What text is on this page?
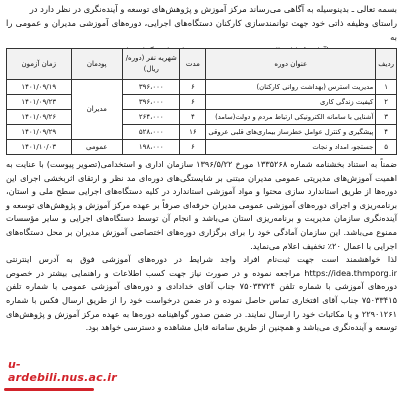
بسمه تعالی ـ بدینوسیله به آگاهی می‌رساند مرکز آموزش و پژوهش‌های توسعه و آینده‌نگری در نظر دارد در
راستای وظیفه ذاتی خود جهت توانمندسازی کارکنان دستگاه‌های اجرایی، دوره‌های آموزشی مدیران و عمومی را به
ردیف	عنوان دوره	مدت	شهریه نفر (دوره/ریال)	پودمان	زمان آزمون
۱	مدیریت استرس (بهداشت روانی کارکنان)	۶	۳۹۶،۰۰۰	مدیران	۱۴۰۱/۰۹/۱۹
۲	کیفیت زندگی کاری	۶	۳۹۶،۰۰۰		۱۴۰۱/۰۹/۲۳
۳	آشنایی با سامانه الکترونیکی ارتباط مردم و دولت(سامد)	۴	۲۶۴،۰۰۰		۱۴۰۱/۰۹/۲۶
۴	پیشگیری و کنترل عوامل خطرساز بیماری‌های قلبی عروقی	۱۶	۵۲۸،۰۰۰		۱۴۰۱/۰۹/۲۹
۵	جستجو، امداد و نجات	۶	۱۹۸،۰۰۰	عمومی	۱۴۰۱/۱۰/۰۳

ضمناً به استناد بخشنامه شماره ۱۳۳۵۲۶۸ مورخ ۱۳۹۶/۵/۲۲ سازمان اداری و استخدامی(تصویر پیوست) با عنایت به اهمیت آموزش‌های مدیریتی عمومی مدیران مبتنی بر شایستگی‌های دوره‌ای مد نظر و ارتقای اثربخشی اجرای این دوره‌ها از طریق استاندارد سازی محتوا و مواد آموزشی استاندارد در کلیه دستگاه‌های اجرایی سطح ملی و استان، برنامه‌ریزی و اجرای دوره‌های آموزشی عمومی مدیران حرفه‌ای صرفاً بر عهده مرکز آموزش و پژوهش‌های توسعه و آینده‌نگری سازمان مدیریت و برنامه‌ریزی استان می‌باشد و انجام آن توسط دستگاه‌های اجرایی و سایر مؤسسات ممنوع می‌باشد. این سازمان آمادگی خود را برای برگزاری دوره‌های اختصاصی آموزش مدیران بر محل دستگاه‌های اجرایی با اعمال ۲۰٪ تخفیف اعلام می‌نماید.

لذا خواهشمند است جهت ثبت‌نام افراد واجد شرایط در دوره‌های آموزشی فوق به آدرس اینترنتی https://idea.thmporg.ir مراجعه نموده و در صورت نیاز جهت کسب اطلاعات و راهنمایی بیشتر در خصوص دوره‌های آموزشی با شماره تلفن ۷۵۰۳۳۷۲۴ جناب آقای خدادادی و دوره‌های آموزشی عمومی با شماره تلفن ۷۵۰۳۳۴۱۵ جناب آقای افتخاری تماس حاصل نموده و در ضمن درخواست خود را از طریق ارسال فکس با شماره ۲۲۹۰۱۲۶۱ و یا مکاتبات خود را ارسال نمایند. در ضمن صدور گواهینامه دوره‌ها به عهده مرکز آموزش و پژوهش‌های توسعه و آینده‌نگری می‌باشد و همچنین از طریق سامانه قابل مشاهده و دسترسی خواهد بود.

u-ardebili.nus.ac.ir
